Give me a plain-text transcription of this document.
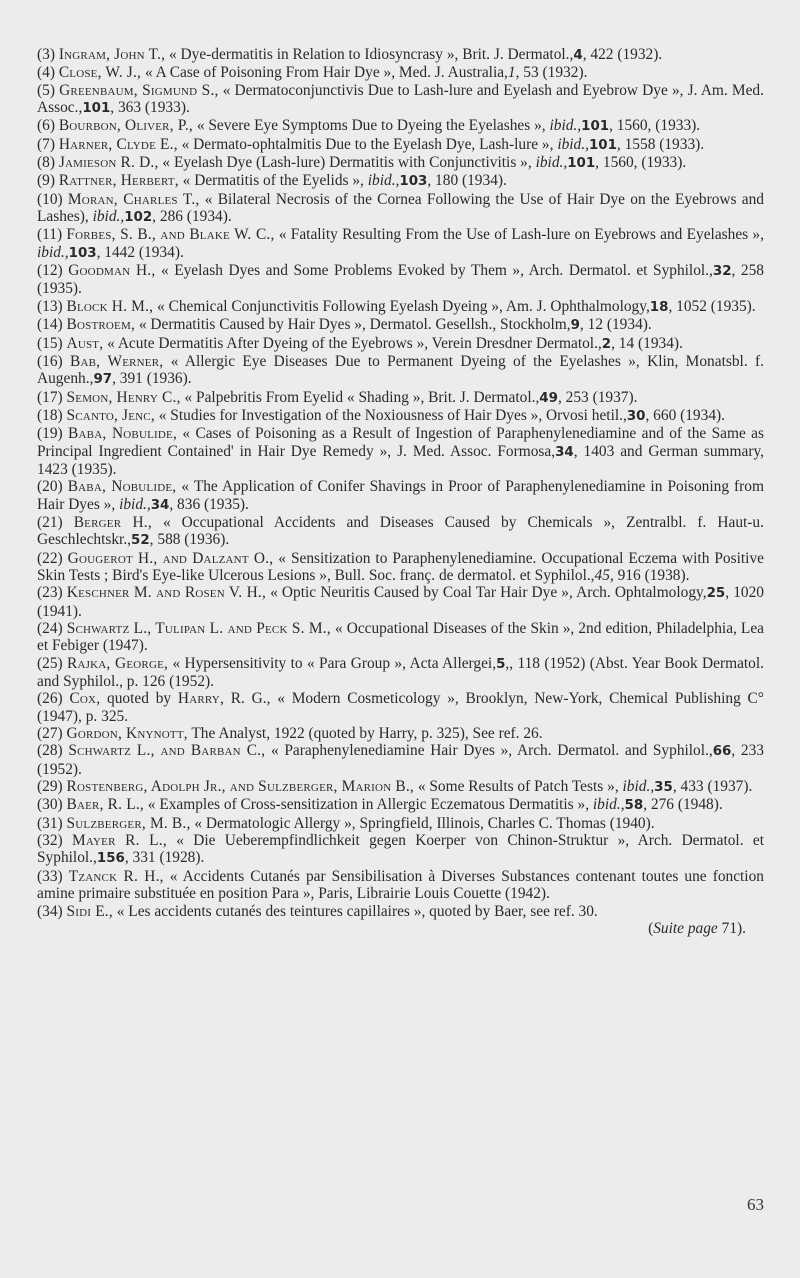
(3) Ingram, John T., « Dye-dermatitis in Relation to Idiosyncrasy », Brit. J. Dermatol.,4, 422 (1932).
(4) Close, W. J., « A Case of Poisoning From Hair Dye », Med. J. Australia,1, 53 (1932).
(5) Greenbaum, Sigmund S., « Dermatoconjunctivis Due to Lash-lure and Eyelash and Eyebrow Dye », J. Am. Med. Assoc.,101, 363 (1933).
(6) Bourbon, Oliver, P., « Severe Eye Symptoms Due to Dyeing the Eyelashes », ibid.,101, 1560, (1933).
(7) Harner, Clyde E., « Dermato-ophtalmitis Due to the Eyelash Dye, Lash-lure », ibid.,101, 1558 (1933).
(8) Jamieson R. D., « Eyelash Dye (Lash-lure) Dermatitis with Conjunctivitis », ibid.,101, 1560, (1933).
(9) Rattner, Herbert, « Dermatitis of the Eyelids », ibid.,103, 180 (1934).
(10) Moran, Charles T., « Bilateral Necrosis of the Cornea Following the Use of Hair Dye on the Eyebrows and Lashes), ibid.,102, 286 (1934).
(11) Forbes, S. B., and Blake W. C., « Fatality Resulting From the Use of Lash-lure on Eyebrows and Eyelashes », ibid.,103, 1442 (1934).
(12) Goodman H., « Eyelash Dyes and Some Problems Evoked by Them », Arch. Dermatol. et Syphilol.,32, 258 (1935).
(13) Block H. M., « Chemical Conjunctivitis Following Eyelash Dyeing », Am. J. Ophthalmology,18, 1052 (1935).
(14) Bostroem, « Dermatitis Caused by Hair Dyes », Dermatol. Gesellsh., Stockholm,9, 12 (1934).
(15) Aust, « Acute Dermatitis After Dyeing of the Eyebrows », Verein Dresdner Dermatol.,2, 14 (1934).
(16) Bab, Werner, « Allergic Eye Diseases Due to Permanent Dyeing of the Eyelashes », Klin, Monatsbl. f. Augenh.,97, 391 (1936).
(17) Semon, Henry C., « Palpebritis From Eyelid « Shading », Brit. J. Dermatol.,49, 253 (1937).
(18) Scanto, Jenc, « Studies for Investigation of the Noxiousness of Hair Dyes », Orvosi hetil.,30, 660 (1934).
(19) Baba, Nobulide, « Cases of Poisoning as a Result of Ingestion of Paraphenylenediamine and of the Same as Principal Ingredient Contained' in Hair Dye Remedy », J. Med. Assoc. Formosa,34, 1403 and German summary, 1423 (1935).
(20) Baba, Nobulide, « The Application of Conifer Shavings in Proor of Paraphenylenediamine in Poisoning from Hair Dyes », ibid.,34, 836 (1935).
(21) Berger H., « Occupational Accidents and Diseases Caused by Chemicals », Zentralbl. f. Haut-u. Geschlechtskr.,52, 588 (1936).
(22) Gougerot H., and Dalzant O., « Sensitization to Paraphenylenediamine. Occupational Eczema with Positive Skin Tests ; Bird's Eye-like Ulcerous Lesions », Bull. Soc. franç. de dermatol. et Syphilol.,45, 916 (1938).
(23) Keschner M. and Rosen V. H., « Optic Neuritis Caused by Coal Tar Hair Dye », Arch. Ophtalmology,25, 1020 (1941).
(24) Schwartz L., Tulipan L. and Peck S. M., « Occupational Diseases of the Skin », 2nd edition, Philadelphia, Lea et Febiger (1947).
(25) Rajka, George, « Hypersensitivity to « Para Group », Acta Allergei,5,, 118 (1952) (Abst. Year Book Dermatol. and Syphilol., p. 126 (1952).
(26) Cox, quoted by Harry, R. G., « Modern Cosmeticology », Brooklyn, New-York, Chemical Publishing C° (1947), p. 325.
(27) Gordon, Knynott, The Analyst, 1922 (quoted by Harry, p. 325), See ref. 26.
(28) Schwartz L., and Barban C., « Paraphenylenediamine Hair Dyes », Arch. Dermatol. and Syphilol.,66, 233 (1952).
(29) Rostenberg, Adolph Jr., and Sulzberger, Marion B., « Some Results of Patch Tests », ibid.,35, 433 (1937).
(30) Baer, R. L., « Examples of Cross-sensitization in Allergic Eczematous Dermatitis », ibid.,58, 276 (1948).
(31) Sulzberger, M. B., « Dermatologic Allergy », Springfield, Illinois, Charles C. Thomas (1940).
(32) Mayer R. L., « Die Ueberempfindlichkeit gegen Koerper von Chinon-Struktur », Arch. Dermatol. et Syphilol.,156, 331 (1928).
(33) Tzanck R. H., « Accidents Cutanés par Sensibilisation à Diverses Substances contenant toutes une fonction amine primaire substituée en position Para », Paris, Librairie Louis Couette (1942).
(34) Sidi E., « Les accidents cutanés des teintures capillaires », quoted by Baer, see ref. 30.

(Suite page 71).

63
